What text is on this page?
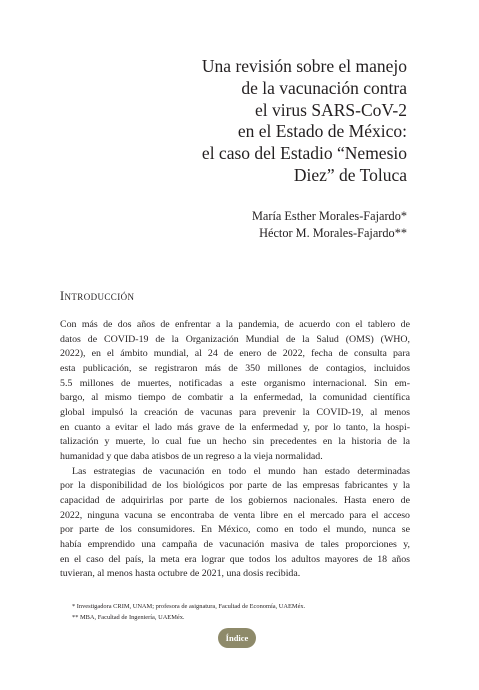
Una revisión sobre el manejo
de la vacunación contra
el virus SARS-CoV-2
en el Estado de México:
el caso del Estadio “Nemesio
Diez” de Toluca
María Esther Morales-Fajardo*
Héctor M. Morales-Fajardo**
Introducción

Con más de dos años de enfrentar a la pandemia, de acuerdo con el tablero de
datos de COVID-19 de la Organización Mundial de la Salud (OMS) (WHO,
2022), en el ámbito mundial, al 24 de enero de 2022, fecha de consulta para
esta publicación, se registraron más de 350 millones de contagios, incluidos
5.5 millones de muertes, notificadas a este organismo internacional. Sin em-
bargo, al mismo tiempo de combatir a la enfermedad, la comunidad científica
global impulsó la creación de vacunas para prevenir la COVID-19, al menos
en cuanto a evitar el lado más grave de la enfermedad y, por lo tanto, la hospi-
talización y muerte, lo cual fue un hecho sin precedentes en la historia de la
humanidad y que daba atisbos de un regreso a la vieja normalidad.

Las estrategias de vacunación en todo el mundo han estado determinadas
por la disponibilidad de los biológicos por parte de las empresas fabricantes y la
capacidad de adquirirlas por parte de los gobiernos nacionales. Hasta enero de
2022, ninguna vacuna se encontraba de venta libre en el mercado para el acceso
por parte de los consumidores. En México, como en todo el mundo, nunca se
había emprendido una campaña de vacunación masiva de tales proporciones y,
en el caso del país, la meta era lograr que todos los adultos mayores de 18 años
tuvieran, al menos hasta octubre de 2021, una dosis recibida.

* Investigadora CRIM, UNAM; profesora de asignatura, Facultad de Economía, UAEMéx.
** MBA, Facultad de Ingeniería, UAEMéx.
Índice
